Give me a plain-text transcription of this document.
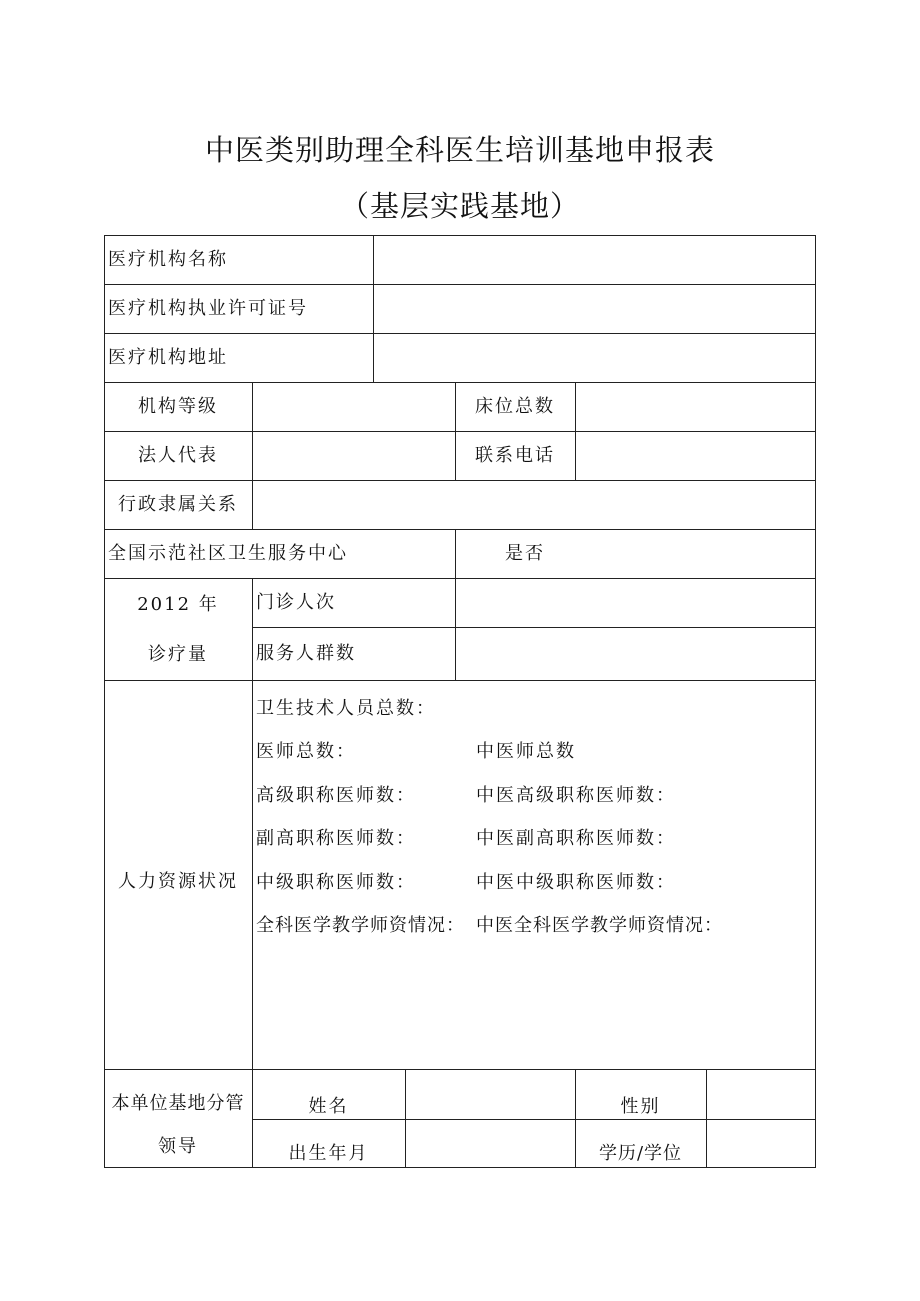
中医类别助理全科医生培训基地申报表
（基层实践基地）
医疗机构名称
医疗机构执业许可证号
医疗机构地址
机构等级	床位总数
法人代表	联系电话
行政隶属关系
全国示范社区卫生服务中心	是否
2012 年
诊疗量
门诊人次
服务人群数
人力资源状况
卫生技术人员总数：
医师总数：	中医师总数
高级职称医师数：	中医高级职称医师数：
副高职称医师数：	中医副高职称医师数：
中级职称医师数：	中医中级职称医师数：
全科医学教学师资情况： 中医全科医学教学师资情况：
本单位基地分管
领导
姓名	性别
出生年月	学历/学位
